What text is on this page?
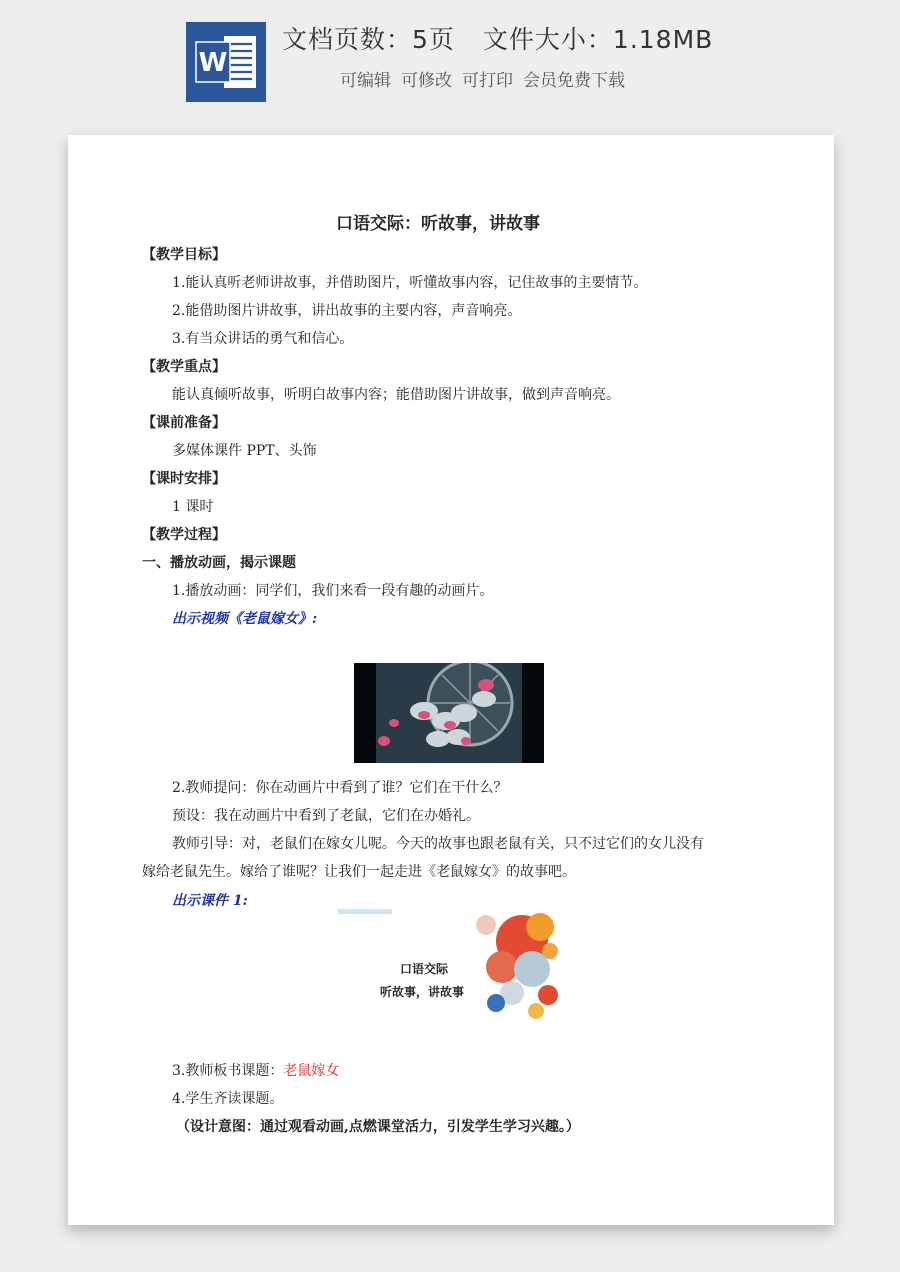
W
文档页数：5页 文件大小：1.18MB
可编辑 可修改 可打印 会员免费下载
口语交际：听故事，讲故事
【教学目标】
1.能认真听老师讲故事，并借助图片，听懂故事内容，记住故事的主要情节。
2.能借助图片讲故事，讲出故事的主要内容，声音响亮。
3.有当众讲话的勇气和信心。
【教学重点】
能认真倾听故事，听明白故事内容；能借助图片讲故事，做到声音响亮。
【课前准备】
多媒体课件 PPT、头饰
【课时安排】
1 课时
【教学过程】
一、播放动画，揭示课题
1.播放动画：同学们，我们来看一段有趣的动画片。
出示视频《老鼠嫁女》:
2.教师提问：你在动画片中看到了谁？它们在干什么？
预设：我在动画片中看到了老鼠，它们在办婚礼。
教师引导：对，老鼠们在嫁女儿呢。今天的故事也跟老鼠有关，只不过它们的女儿没有
嫁给老鼠先生。嫁给了谁呢？让我们一起走进《老鼠嫁女》的故事吧。
出示课件 1:
3.教师板书课题：老鼠嫁女
4.学生齐读课题。
（设计意图：通过观看动画,点燃课堂活力，引发学生学习兴趣。）
口语交际
听故事，讲故事
